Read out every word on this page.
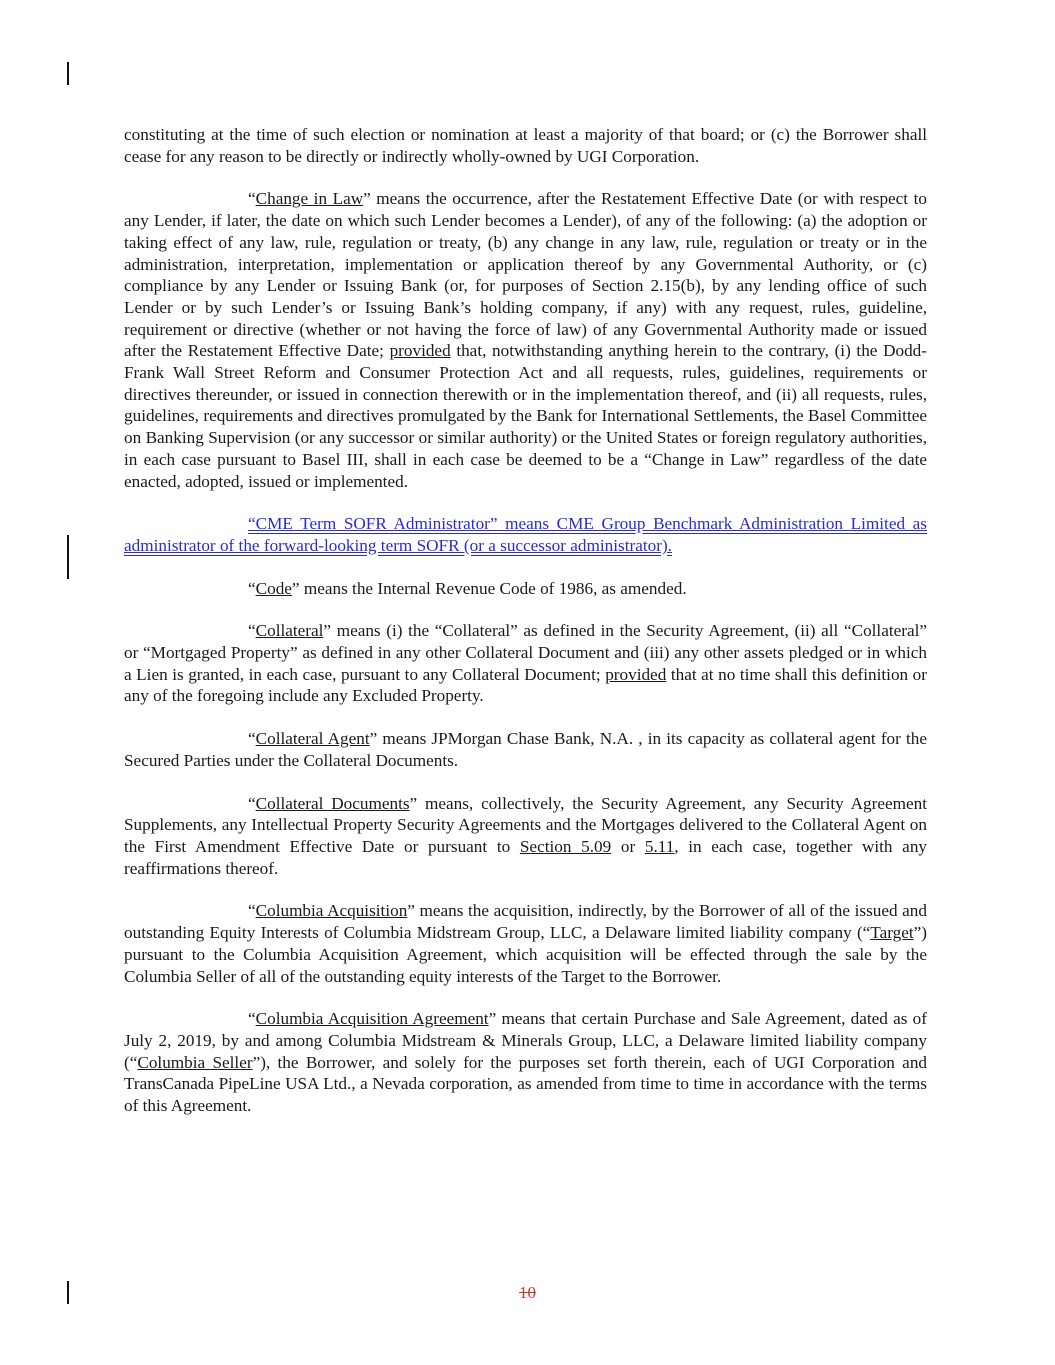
constituting at the time of such election or nomination at least a majority of that board; or (c) the Borrower shall cease for any reason to be directly or indirectly wholly-owned by UGI Corporation.

“Change in Law” means the occurrence, after the Restatement Effective Date (or with respect to any Lender, if later, the date on which such Lender becomes a Lender), of any of the following: (a) the adoption or taking effect of any law, rule, regulation or treaty, (b) any change in any law, rule, regulation or treaty or in the administration, interpretation, implementation or application thereof by any Governmental Authority, or (c) compliance by any Lender or Issuing Bank (or, for purposes of Section 2.15(b), by any lending office of such Lender or by such Lender’s or Issuing Bank’s holding company, if any) with any request, rules, guideline, requirement or directive (whether or not having the force of law) of any Governmental Authority made or issued after the Restatement Effective Date; provided that, notwithstanding anything herein to the contrary, (i) the Dodd-Frank Wall Street Reform and Consumer Protection Act and all requests, rules, guidelines, requirements or directives thereunder, or issued in connection therewith or in the implementation thereof, and (ii) all requests, rules, guidelines, requirements and directives promulgated by the Bank for International Settlements, the Basel Committee on Banking Supervision (or any successor or similar authority) or the United States or foreign regulatory authorities, in each case pursuant to Basel III, shall in each case be deemed to be a “Change in Law” regardless of the date enacted, adopted, issued or implemented.

“CME Term SOFR Administrator” means CME Group Benchmark Administration Limited as administrator of the forward-looking term SOFR (or a successor administrator).

“Code” means the Internal Revenue Code of 1986, as amended.

“Collateral” means (i) the “Collateral” as defined in the Security Agreement, (ii) all “Collateral” or “Mortgaged Property” as defined in any other Collateral Document and (iii) any other assets pledged or in which a Lien is granted, in each case, pursuant to any Collateral Document; provided that at no time shall this definition or any of the foregoing include any Excluded Property.

“Collateral Agent” means JPMorgan Chase Bank, N.A. , in its capacity as collateral agent for the Secured Parties under the Collateral Documents.

“Collateral Documents” means, collectively, the Security Agreement, any Security Agreement Supplements, any Intellectual Property Security Agreements and the Mortgages delivered to the Collateral Agent on the First Amendment Effective Date or pursuant to Section 5.09 or 5.11, in each case, together with any reaffirmations thereof.

“Columbia Acquisition” means the acquisition, indirectly, by the Borrower of all of the issued and outstanding Equity Interests of Columbia Midstream Group, LLC, a Delaware limited liability company (“Target”) pursuant to the Columbia Acquisition Agreement, which acquisition will be effected through the sale by the Columbia Seller of all of the outstanding equity interests of the Target to the Borrower.

“Columbia Acquisition Agreement” means that certain Purchase and Sale Agreement, dated as of July 2, 2019, by and among Columbia Midstream & Minerals Group, LLC, a Delaware limited liability company (“Columbia Seller”), the Borrower, and solely for the purposes set forth therein, each of UGI Corporation and TransCanada PipeLine USA Ltd., a Nevada corporation, as amended from time to time in accordance with the terms of this Agreement.

10
